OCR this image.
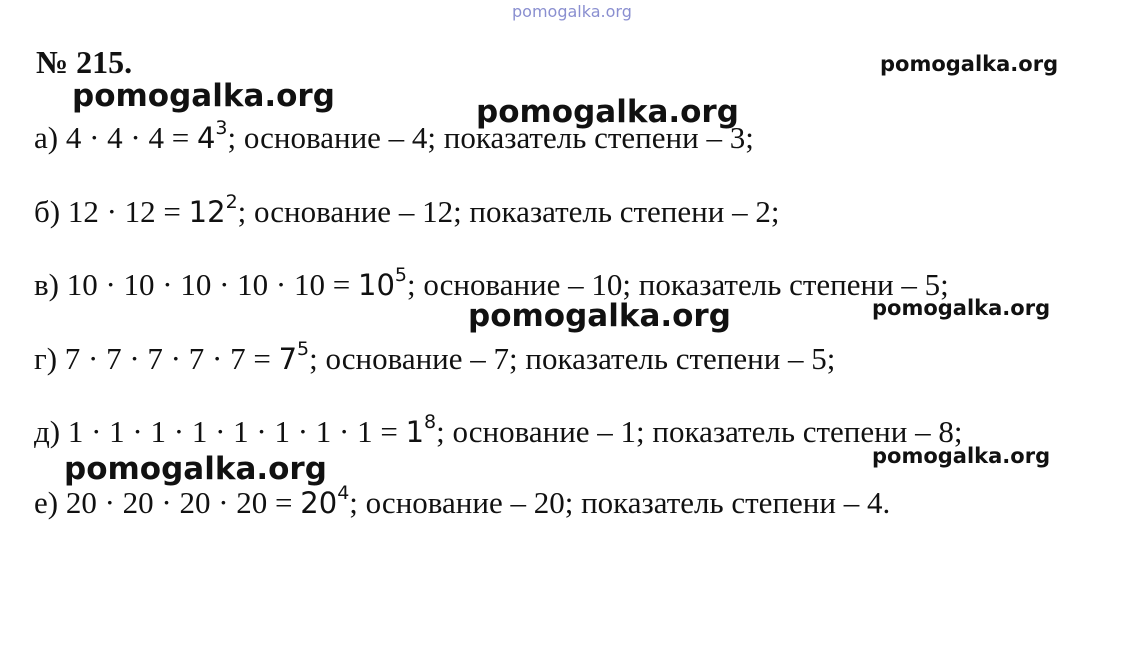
pomogalka.org
№ 215.	pomogalka.org
pomogalka.org	pomogalka.org
а) $4 \cdot 4 \cdot 4 = 4^3$; основание – 4; показатель степени – 3;
б) $12 \cdot 12 = 12^2$; основание – 12; показатель степени – 2;
в) $10 \cdot 10 \cdot 10 \cdot 10 \cdot 10 = 10^5$; основание – 10; показатель степени – 5;
pomogalka.org
pomogalka.org
г) $7 \cdot 7 \cdot 7 \cdot 7 \cdot 7 = 7^5$; основание – 7; показатель степени – 5;
д) $1 \cdot 1 \cdot 1 \cdot 1 \cdot 1 \cdot 1 \cdot 1 \cdot 1 = 1^8$; основание – 1; показатель степени – 8;
pomogalka.org
pomogalka.org
е) $20 \cdot 20 \cdot 20 \cdot 20 = 20^4$; основание – 20; показатель степени – 4.
